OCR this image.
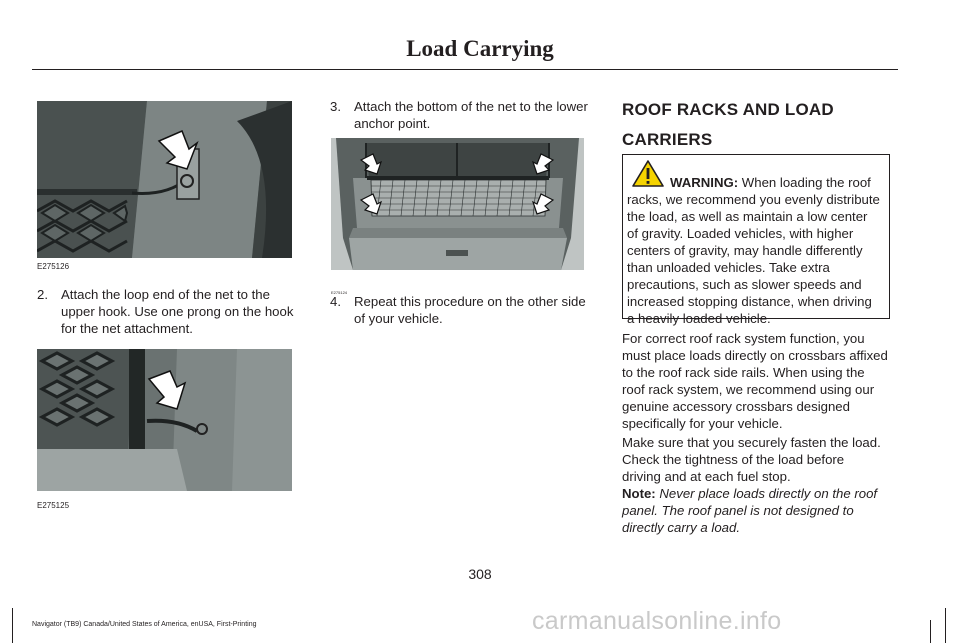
Load Carrying
E275126
2. Attach the loop end of the net to the
upper hook. Use one prong on the hook
for the net attachment.
E275125
3. Attach the bottom of the net to the lower
anchor point.
E275124
4. Repeat this procedure on the other side
of your vehicle.
ROOF RACKS AND LOAD
CARRIERS
WARNING: When loading the roof
racks, we recommend you evenly distribute
the load, as well as maintain a low center
of gravity. Loaded vehicles, with higher
centers of gravity, may handle differently
than unloaded vehicles. Take extra
precautions, such as slower speeds and
increased stopping distance, when driving
a heavily loaded vehicle.
For correct roof rack system function, you
must place loads directly on crossbars affixed
to the roof rack side rails. When using the
roof rack system, we recommend using our
genuine accessory crossbars designed
specifically for your vehicle.
Make sure that you securely fasten the load.
Check the tightness of the load before
driving and at each fuel stop.
Note: Never place loads directly on the roof
panel. The roof panel is not designed to
directly carry a load.
308
Navigator (TB9) Canada/United States of America, enUSA, First-Printing	carmanualsonline.info
